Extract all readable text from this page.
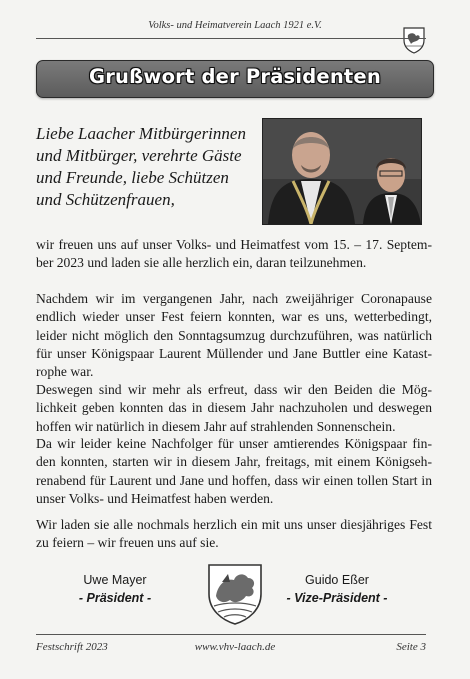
Volks- und Heimatverein Laach 1921 e.V.
Grußwort der Präsidenten
Liebe Laacher Mitbürgerinnen
und Mitbürger, verehrte Gäste
und Freunde, liebe Schützen
und Schützenfrauen,
wir freuen uns auf unser Volks- und Heimatfest vom 15. – 17. Septem-
ber 2023 und laden sie alle herzlich ein, daran teilzunehmen.
Nachdem wir im vergangenen Jahr, nach zweijähriger Coronapause
endlich wieder unser Fest feiern konnten, war es uns, wetterbedingt,
leider nicht möglich den Sonntagsumzug durchzuführen, was natürlich
für unser Königspaar Laurent Müllender und Jane Buttler eine Katast-
rophe war.
Deswegen sind wir mehr als erfreut, dass wir den Beiden die Mög-
lichkeit geben konnten das in diesem Jahr nachzuholen und deswegen
hoffen wir natürlich in diesem Jahr auf strahlenden Sonnenschein.
Da wir leider keine Nachfolger für unser amtierendes Königspaar fin-
den konnten, starten wir in diesem Jahr, freitags, mit einem Königseh-
renabend für Laurent und Jane und hoffen, dass wir einen tollen Start in
unser Volks- und Heimatfest haben werden.
Wir laden sie alle nochmals herzlich ein mit uns unser diesjähriges Fest
zu feiern – wir freuen uns auf sie.
Uwe Mayer
- Präsident -
Guido Eßer
- Vize-Präsident -
Festschrift 2023	www.vhv-laach.de	Seite 3
